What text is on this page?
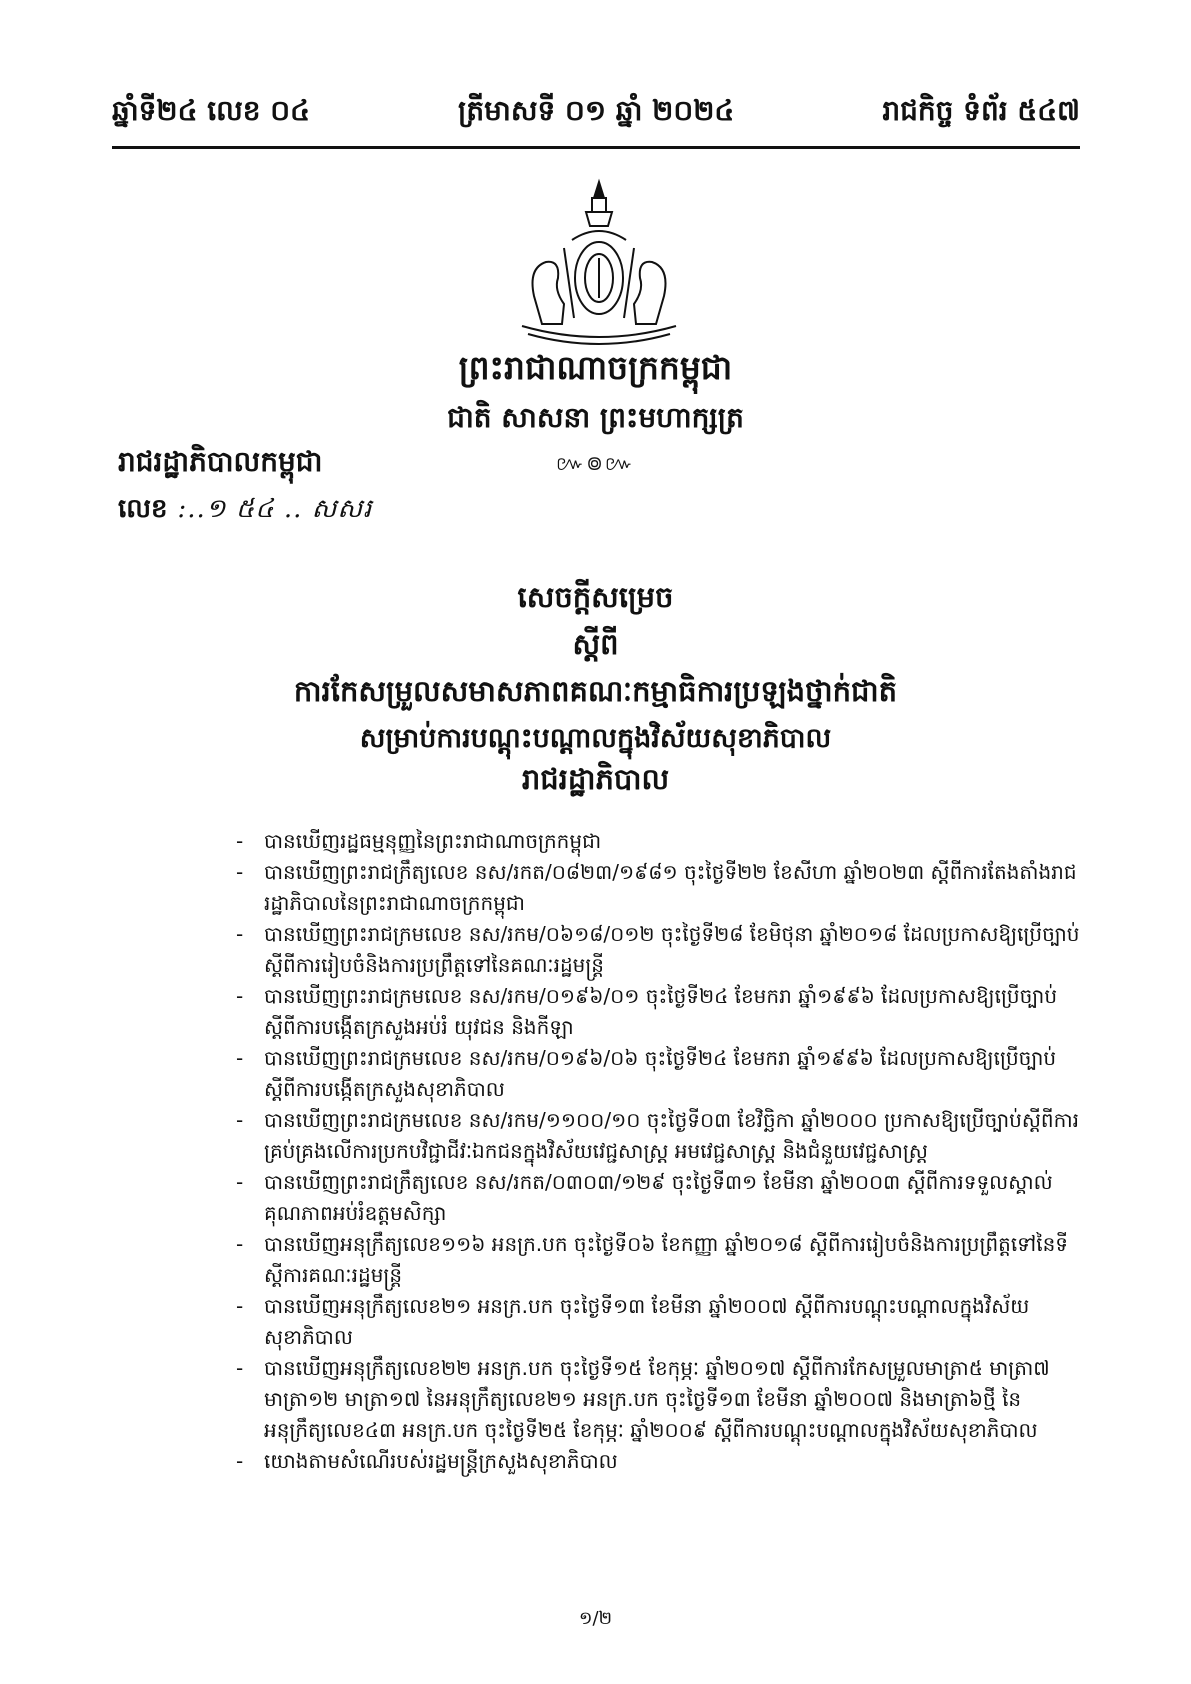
ឆ្នាំទី២៤ លេខ ០៤	ត្រីមាសទី ០១ ឆ្នាំ ២០២៤	រាជកិច្ច ទំព័រ ៥៤៧
ព្រះរាជាណាចក្រកម្ពុជា
ជាតិ សាសនា ព្រះមហាក្សត្រ
៚៙៚
រាជរដ្ឋាភិបាលកម្ពុជា
លេខ :..១ ៥៤ .. សសរ
សេចក្តីសម្រេច
ស្តីពី
ការកែសម្រួលសមាសភាពគណៈកម្មាធិការប្រឡងថ្នាក់ជាតិ
សម្រាប់ការបណ្តុះបណ្តាលក្នុងវិស័យសុខាភិបាល
រាជរដ្ឋាភិបាល
- បានឃើញរដ្ឋធម្មនុញ្ញនៃព្រះរាជាណាចក្រកម្ពុជា
- បានឃើញព្រះរាជក្រឹត្យលេខ នស/រកត/០៨២៣/១៩៨១ ចុះថ្ងៃទី២២ ខែសីហា ឆ្នាំ២០២៣ ស្តីពីការតែងតាំងរាជរដ្ឋាភិបាលនៃព្រះរាជាណាចក្រកម្ពុជា
- បានឃើញព្រះរាជក្រមលេខ នស/រកម/០៦១៨/០១២ ចុះថ្ងៃទី២៨ ខែមិថុនា ឆ្នាំ២០១៨ ដែលប្រកាសឱ្យប្រើច្បាប់ស្តីពីការរៀបចំនិងការប្រព្រឹត្តទៅនៃគណៈរដ្ឋមន្ត្រី
- បានឃើញព្រះរាជក្រមលេខ នស/រកម/០១៩៦/០១ ចុះថ្ងៃទី២៤ ខែមករា ឆ្នាំ១៩៩៦ ដែលប្រកាសឱ្យប្រើច្បាប់ស្តីពីការបង្កើតក្រសួងអប់រំ យុវជន និងកីឡា
- បានឃើញព្រះរាជក្រមលេខ នស/រកម/០១៩៦/០៦ ចុះថ្ងៃទី២៤ ខែមករា ឆ្នាំ១៩៩៦ ដែលប្រកាសឱ្យប្រើច្បាប់ស្តីពីការបង្កើតក្រសួងសុខាភិបាល
- បានឃើញព្រះរាជក្រមលេខ នស/រកម/១១០០/១០ ចុះថ្ងៃទី០៣ ខែវិច្ឆិកា ឆ្នាំ២០០០ ប្រកាសឱ្យប្រើច្បាប់ស្តីពីការគ្រប់គ្រងលើការប្រកបវិជ្ជាជីវៈឯកជនក្នុងវិស័យវេជ្ជសាស្ត្រ អមវេជ្ជសាស្ត្រ និងជំនួយវេជ្ជសាស្ត្រ
- បានឃើញព្រះរាជក្រឹត្យលេខ នស/រកត/០៣០៣/១២៩ ចុះថ្ងៃទី៣១ ខែមីនា ឆ្នាំ២០០៣ ស្តីពីការទទួលស្គាល់គុណភាពអប់រំឧត្តមសិក្សា
- បានឃើញអនុក្រឹត្យលេខ១១៦ អនក្រ.បក ចុះថ្ងៃទី០៦ ខែកញ្ញា ឆ្នាំ២០១៨ ស្តីពីការរៀបចំនិងការប្រព្រឹត្តទៅនៃទីស្តីការគណៈរដ្ឋមន្ត្រី
- បានឃើញអនុក្រឹត្យលេខ២១ អនក្រ.បក ចុះថ្ងៃទី១៣ ខែមីនា ឆ្នាំ២០០៧ ស្តីពីការបណ្តុះបណ្តាលក្នុងវិស័យសុខាភិបាល
- បានឃើញអនុក្រឹត្យលេខ២២ អនក្រ.បក ចុះថ្ងៃទី១៥ ខែកុម្ភៈ ឆ្នាំ២០១៧ ស្តីពីការកែសម្រួលមាត្រា៥ មាត្រា៧ មាត្រា១២ មាត្រា១៧ នៃអនុក្រឹត្យលេខ២១ អនក្រ.បក ចុះថ្ងៃទី១៣ ខែមីនា ឆ្នាំ២០០៧ និងមាត្រា៦ថ្មី នៃអនុក្រឹត្យលេខ៤៣ អនក្រ.បក ចុះថ្ងៃទី២៥ ខែកុម្ភៈ ឆ្នាំ២០០៩ ស្តីពីការបណ្តុះបណ្តាលក្នុងវិស័យសុខាភិបាល
- យោងតាមសំណើរបស់រដ្ឋមន្ត្រីក្រសួងសុខាភិបាល
១/២
